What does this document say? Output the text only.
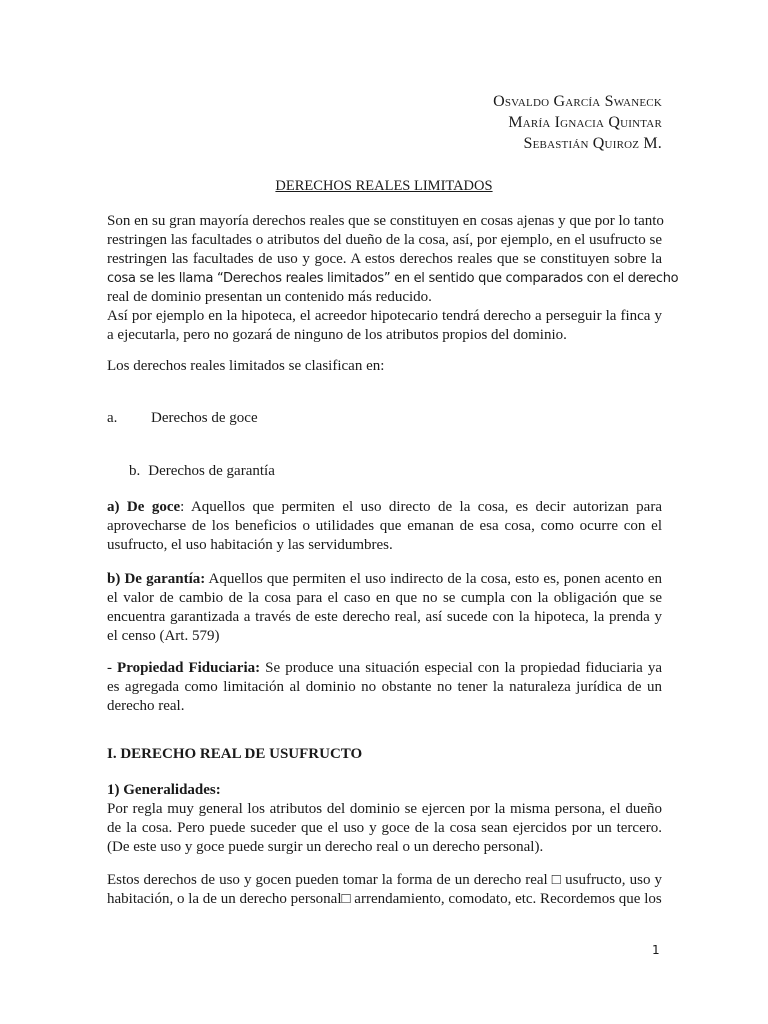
Osvaldo García Swaneck
María Ignacia Quintar
Sebastián Quiroz M.
DERECHOS REALES LIMITADOS
Son en su gran mayoría derechos reales que se constituyen en cosas ajenas y que por lo tanto
restringen las facultades o atributos del dueño de la cosa, así, por ejemplo, en el usufructo se
restringen las facultades de uso y goce. A estos derechos reales que se constituyen sobre la
cosa se les llama “Derechos reales limitados” en el sentido que comparados con el derecho
real de dominio presentan un contenido más reducido.
Así por ejemplo en la hipoteca, el acreedor hipotecario tendrá derecho a perseguir la finca y
a ejecutarla, pero no gozará de ninguno de los atributos propios del dominio.
Los derechos reales limitados se clasifican en:
a. Derechos de goce
b. Derechos de garantía
a) De goce: Aquellos que permiten el uso directo de la cosa, es decir autorizan para aprovecharse de los beneficios o utilidades que emanan de esa cosa, como ocurre con el usufructo, el uso habitación y las servidumbres.
b) De garantía: Aquellos que permiten el uso indirecto de la cosa, esto es, ponen acento en el valor de cambio de la cosa para el caso en que no se cumpla con la obligación que se encuentra garantizada a través de este derecho real, así sucede con la hipoteca, la prenda y el censo (Art. 579)
- Propiedad Fiduciaria: Se produce una situación especial con la propiedad fiduciaria ya es agregada como limitación al dominio no obstante no tener la naturaleza jurídica de un derecho real.
I. DERECHO REAL DE USUFRUCTO
1) Generalidades:
Por regla muy general los atributos del dominio se ejercen por la misma persona, el dueño de la cosa. Pero puede suceder que el uso y goce de la cosa sean ejercidos por un tercero. (De este uso y goce puede surgir un derecho real o un derecho personal).
Estos derechos de uso y gocen pueden tomar la forma de un derecho real □ usufructo, uso y habitación, o la de un derecho personal□ arrendamiento, comodato, etc. Recordemos que los
1
